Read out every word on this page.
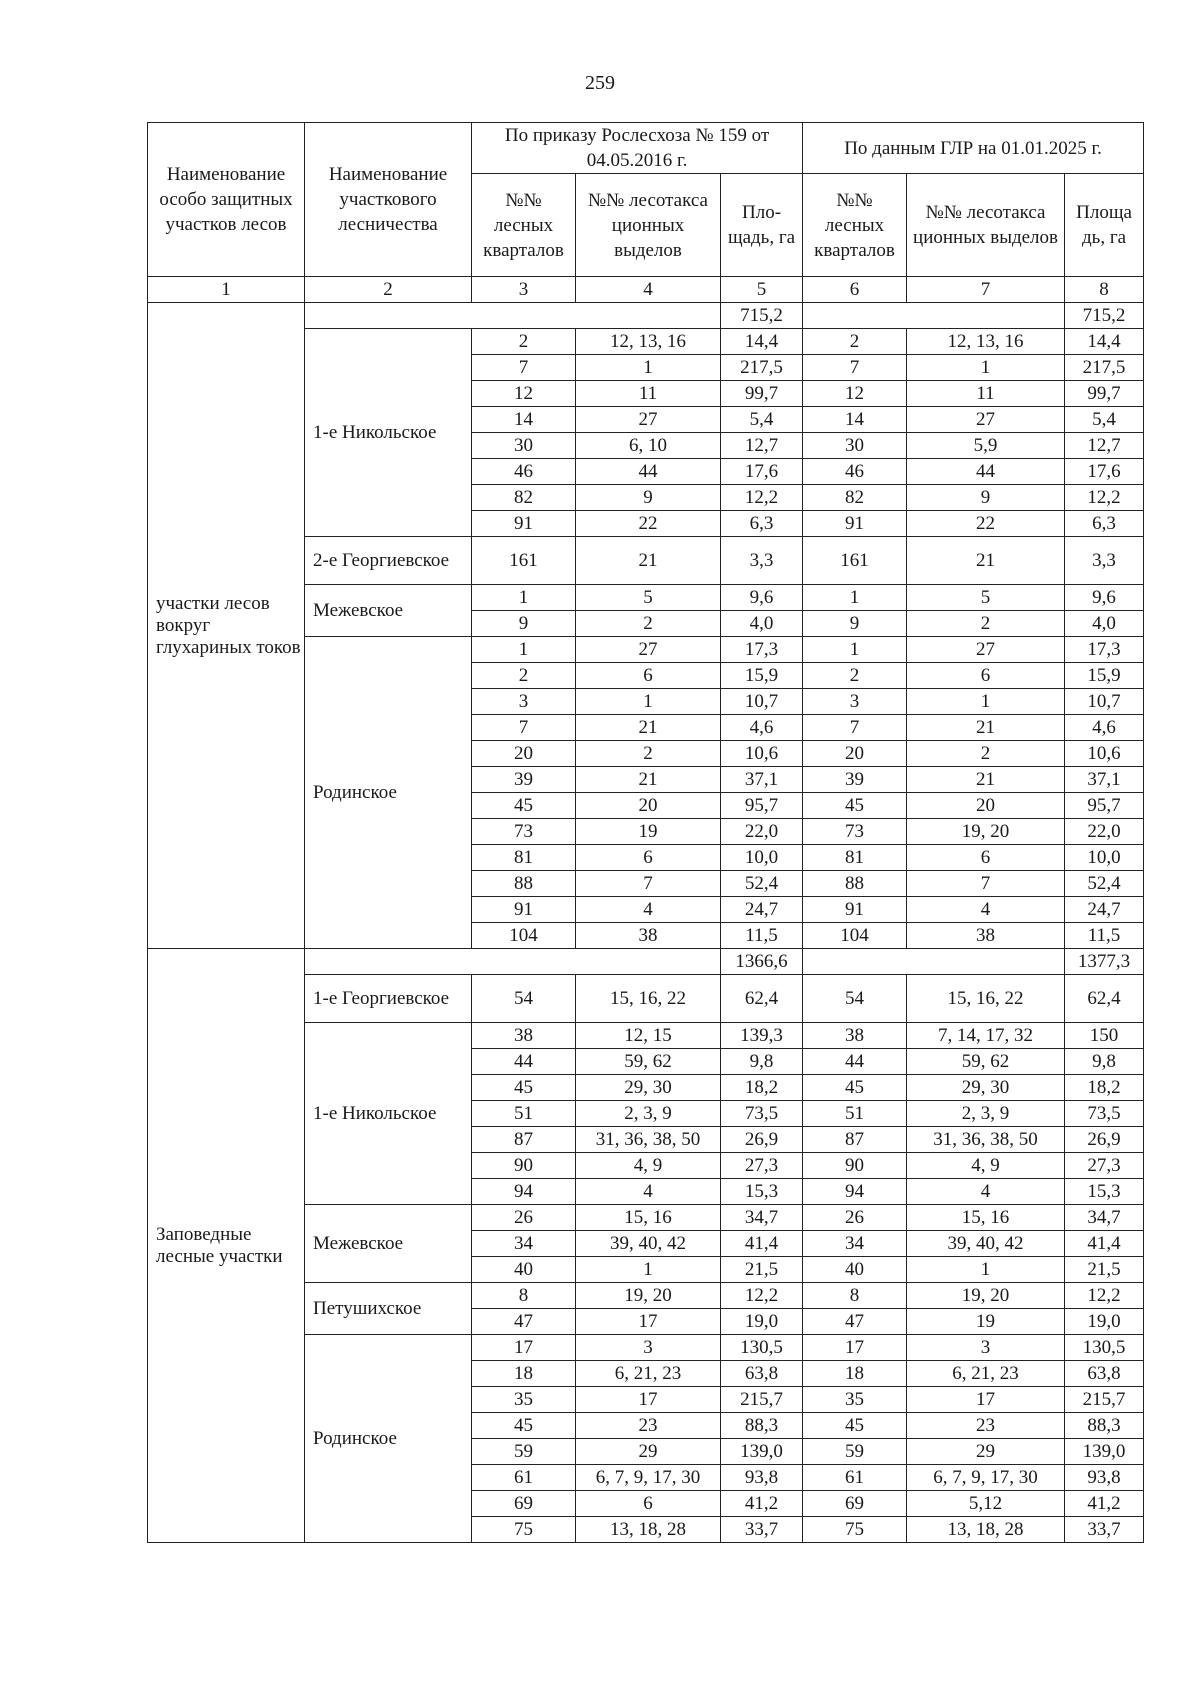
259
Наименование особо защитных участков лесов	Наименование участкового лесничества	По приказу Рослесхоза № 159 от 04.05.2016 г.			По данным ГЛР на 01.01.2025 г.		
		№№ лесных кварталов	№№ лесотакса ционных выделов	Пло- щадь, га	№№ лесных кварталов	№№ лесотакса ционных выделов	Площа дь, га
1	2	3	4	5	6	7	8
участки лесов вокруг глухариных токов				715,2			715,2
	1-е Никольское	2	12, 13, 16	14,4	2	12, 13, 16	14,4
		7	1	217,5	7	1	217,5
		12	11	99,7	12	11	99,7
		14	27	5,4	14	27	5,4
		30	6, 10	12,7	30	5,9	12,7
		46	44	17,6	46	44	17,6
		82	9	12,2	82	9	12,2
		91	22	6,3	91	22	6,3
	2-е Георгиевское	161	21	3,3	161	21	3,3
	Межевское	1	5	9,6	1	5	9,6
		9	2	4,0	9	2	4,0
	Родинское	1	27	17,3	1	27	17,3
		2	6	15,9	2	6	15,9
		3	1	10,7	3	1	10,7
		7	21	4,6	7	21	4,6
		20	2	10,6	20	2	10,6
		39	21	37,1	39	21	37,1
		45	20	95,7	45	20	95,7
		73	19	22,0	73	19, 20	22,0
		81	6	10,0	81	6	10,0
		88	7	52,4	88	7	52,4
		91	4	24,7	91	4	24,7
		104	38	11,5	104	38	11,5
Заповедные лесные участки				1366,6			1377,3
	1-е Георгиевское	54	15, 16, 22	62,4	54	15, 16, 22	62,4
	1-е Никольское	38	12, 15	139,3	38	7, 14, 17, 32	150
		44	59, 62	9,8	44	59, 62	9,8
		45	29, 30	18,2	45	29, 30	18,2
		51	2, 3, 9	73,5	51	2, 3, 9	73,5
		87	31, 36, 38, 50	26,9	87	31, 36, 38, 50	26,9
		90	4, 9	27,3	90	4, 9	27,3
		94	4	15,3	94	4	15,3
	Межевское	26	15, 16	34,7	26	15, 16	34,7
		34	39, 40, 42	41,4	34	39, 40, 42	41,4
		40	1	21,5	40	1	21,5
	Петушихское	8	19, 20	12,2	8	19, 20	12,2
		47	17	19,0	47	19	19,0
	Родинское	17	3	130,5	17	3	130,5
		18	6, 21, 23	63,8	18	6, 21, 23	63,8
		35	17	215,7	35	17	215,7
		45	23	88,3	45	23	88,3
		59	29	139,0	59	29	139,0
		61	6, 7, 9, 17, 30	93,8	61	6, 7, 9, 17, 30	93,8
		69	6	41,2	69	5,12	41,2
		75	13, 18, 28	33,7	75	13, 18, 28	33,7
